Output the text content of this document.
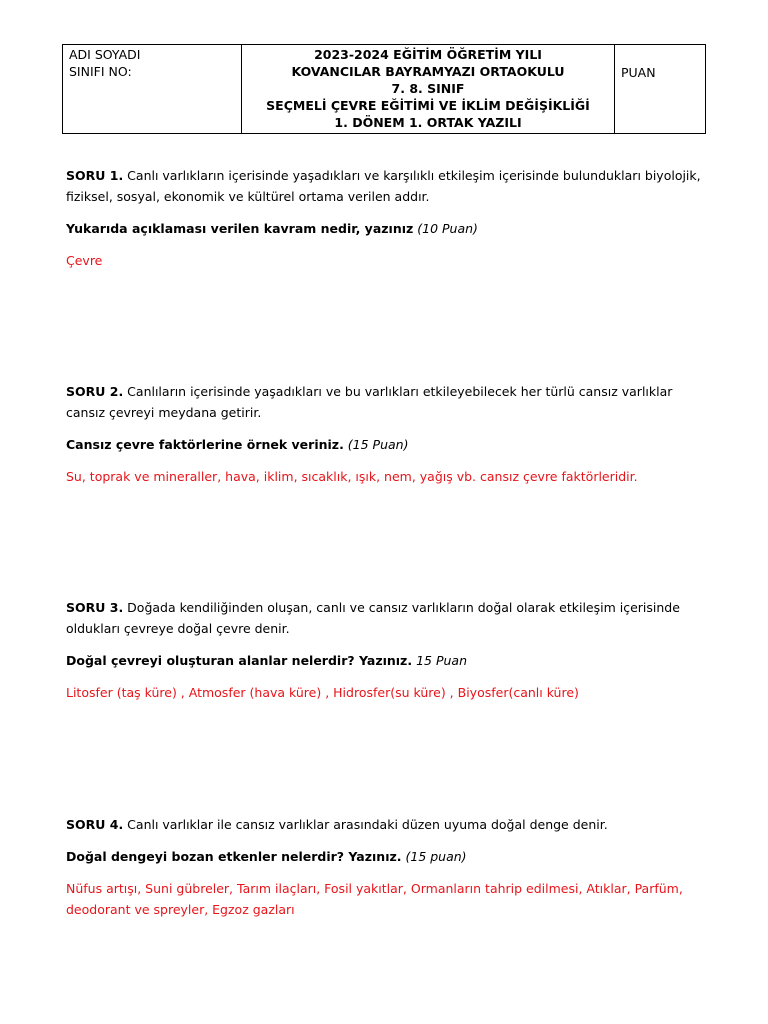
ADI SOYADI
SINIFI NO:

2023-2024 EĞİTİM ÖĞRETİM YILI
KOVANCILAR BAYRAMYAZI ORTAOKULU
7. 8. SINIF
SEÇMELİ ÇEVRE EĞİTİMİ VE İKLİM DEĞİŞİKLİĞİ
1. DÖNEM 1. ORTAK YAZILI

PUAN

SORU 1. Canlı varlıkların içerisinde yaşadıkları ve karşılıklı etkileşim içerisinde bulundukları biyolojik, fiziksel, sosyal, ekonomik ve kültürel ortama verilen addır.

Yukarıda açıklaması verilen kavram nedir, yazınız (10 Puan)

Çevre

SORU 2. Canlıların içerisinde yaşadıkları ve bu varlıkları etkileyebilecek her türlü cansız varlıklar cansız çevreyi meydana getirir.

Cansız çevre faktörlerine örnek veriniz. (15 Puan)

Su, toprak ve mineraller, hava, iklim, sıcaklık, ışık, nem, yağış vb. cansız çevre faktörleridir.

SORU 3. Doğada kendiliğinden oluşan, canlı ve cansız varlıkların doğal olarak etkileşim içerisinde oldukları çevreye doğal çevre denir.

Doğal çevreyi oluşturan alanlar nelerdir? Yazınız. 15 Puan

Litosfer (taş küre) , Atmosfer (hava küre) , Hidrosfer(su küre) , Biyosfer(canlı küre)

SORU 4. Canlı varlıklar ile cansız varlıklar arasındaki düzen uyuma doğal denge denir.

Doğal dengeyi bozan etkenler nelerdir? Yazınız. (15 puan)

Nüfus artışı, Suni gübreler, Tarım ilaçları, Fosil yakıtlar, Ormanların tahrip edilmesi, Atıklar, Parfüm, deodorant ve spreyler, Egzoz gazları
